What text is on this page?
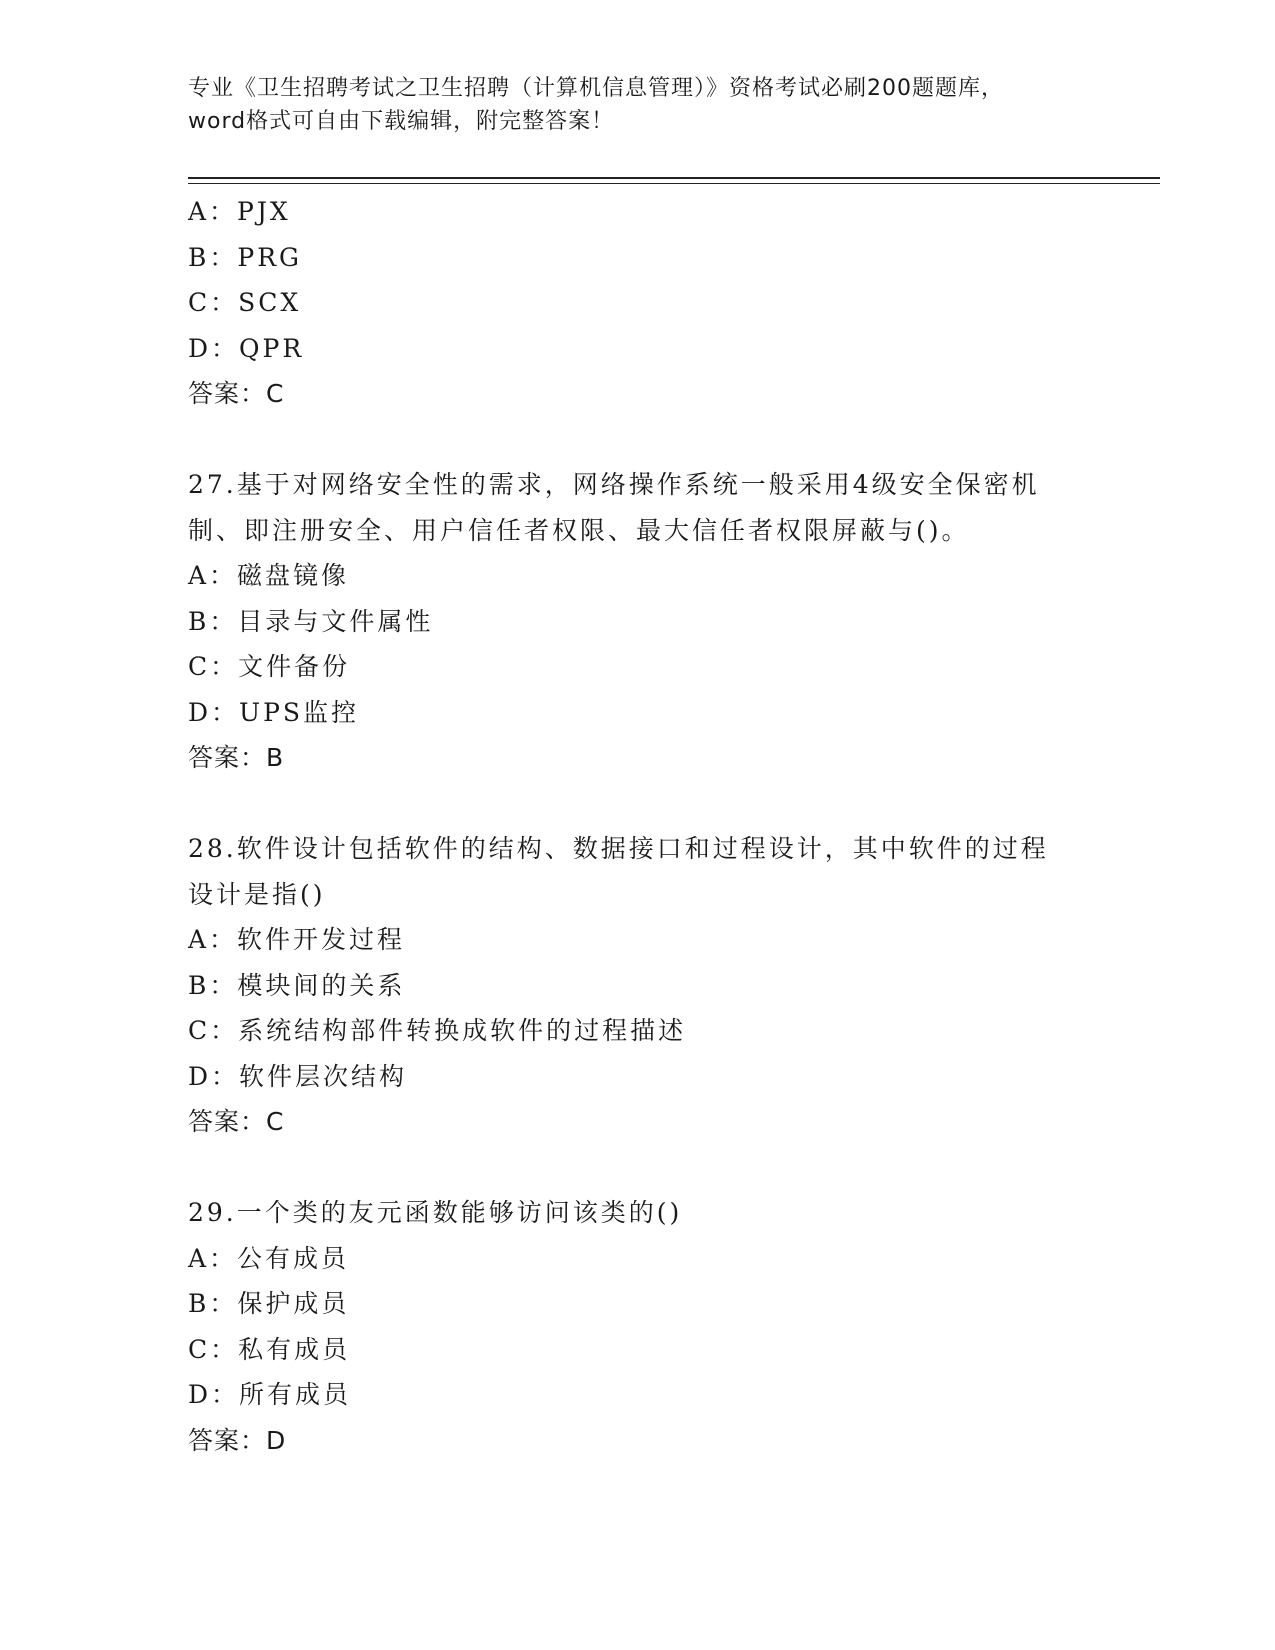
专业《卫生招聘考试之卫生招聘（计算机信息管理）》资格考试必刷200题题库，
word格式可自由下载编辑，附完整答案！
A：PJX
B：PRG
C：SCX
D：QPR
答案：C
27.基于对网络安全性的需求，网络操作系统一般采用4级安全保密机
制、即注册安全、用户信任者权限、最大信任者权限屏蔽与()。
A：磁盘镜像
B：目录与文件属性
C：文件备份
D：UPS监控
答案：B
28.软件设计包括软件的结构、数据接口和过程设计，其中软件的过程
设计是指()
A：软件开发过程
B：模块间的关系
C：系统结构部件转换成软件的过程描述
D：软件层次结构
答案：C
29.一个类的友元函数能够访问该类的()
A：公有成员
B：保护成员
C：私有成员
D：所有成员
答案：D
